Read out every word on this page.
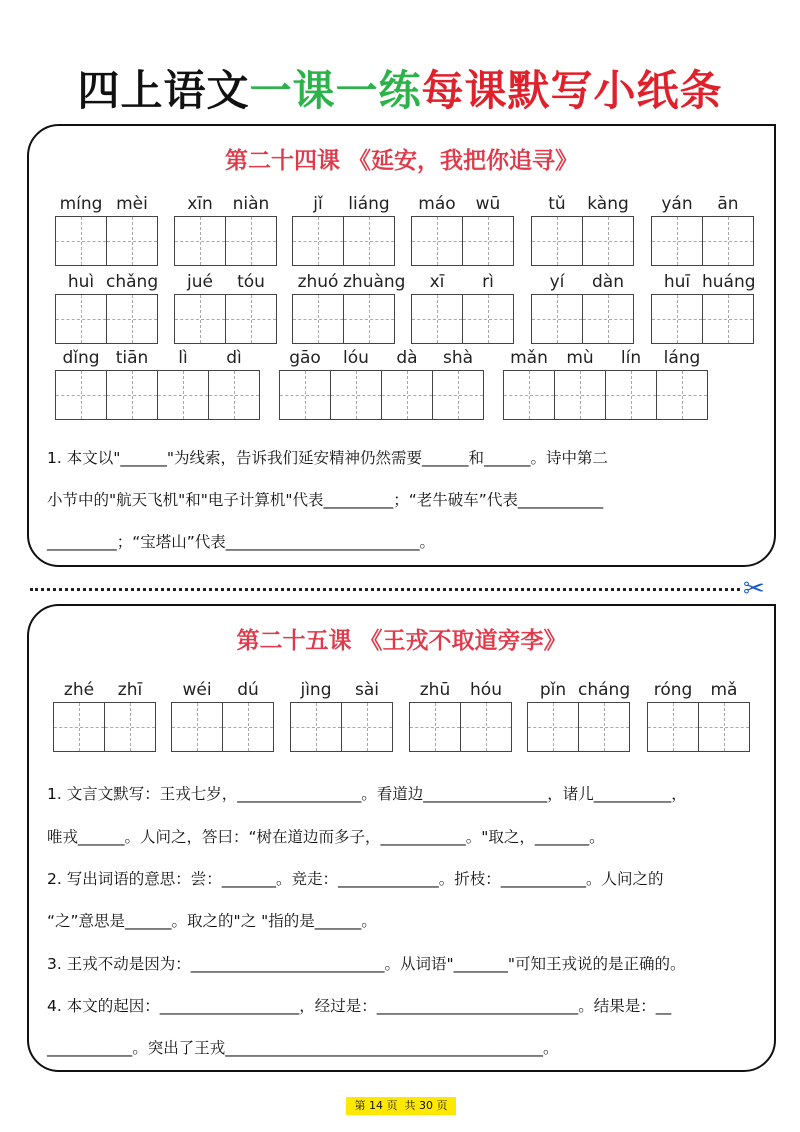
四上语文一课一练每课默写小纸条
第二十四课 《延安，我把你追寻》
míng mèi	xīn	niàn	jǐ	liáng	máo	wū	tǔ	kàng	yán	ān
huì chǎng	jué	tóu	zhuó zhuàng	xī	rì	yí	dàn	huī huáng
dǐng tiān	lì	dì	gāo	lóu	dà	shà	mǎn	mù	lín	láng
1. 本文以"______"为线索，告诉我们延安精神仍然需要______和______。诗中第二
小节中的"航天飞机"和"电子计算机"代表_________；“老牛破车”代表___________
_________；“宝塔山”代表_________________________。
✂
第二十五课 《王戎不取道旁李》
zhé	zhī	wéi	dú	jìng	sài	zhū	hóu	pǐn cháng	róng	mǎ
1. 文言文默写：王戎七岁，________________。看道边________________，诸儿__________，
唯戎______。人问之，答曰：“树在道边而多子，___________。"取之，_______。
2. 写出词语的意思：尝：_______。竞走：_____________。折枝：___________。人问之的
“之”意思是______。取之的"之 "指的是______。
3. 王戎不动是因为：_________________________。从词语"_______"可知王戎说的是正确的。
4. 本文的起因：__________________，经过是：__________________________。结果是：__
___________。突出了王戎_________________________________________。
第 14 页  共 30 页
